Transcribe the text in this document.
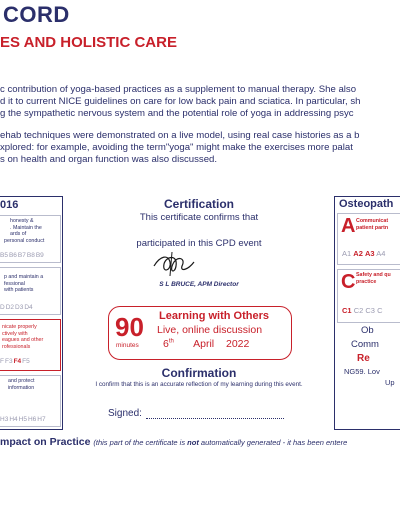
CORD
ES AND HOLISTIC CARE
c contribution of yoga-based practices as a supplement to manual therapy. She also
d it to current NICE guidelines on care for low back pain and sciatica. In particular, sh
g the sympathetic nervous system and the potential role of yoga in addressing psyc
ehab techniques were demonstrated on a live model, using real case histories as a b
xplored: for example, avoiding the term"yoga" might make the exercises more palat
s on health and organ function was also discussed.
016
honesty &
. Maintain the
ards of
personal conduct
B5B6B7B8B9
p and maintain a
fessional
with patients
DD2D3D4
nicate properly
ctively with
eagues and other
rofessionals
FF3F4F5
and protect
information
H3H4H5H6H7
Certification
This certificate confirms that
participated in this CPD event
S L BRUCE, APM Director
90
minutes
Learning with Others
Live, online discussion
6th April 2022
Confirmation
I confirm that this is an accurate reflection of my learning during this event.
Signed:
Osteopath
A Communicat
patient partn
A1 A2 A3 A4
C Safety and qu
practice
C1 C2 C3 C
Ob
Comm
Re
NG59. Lov
Up
mpact on Practice (this part of the certificate is not automatically generated - it has been entere
